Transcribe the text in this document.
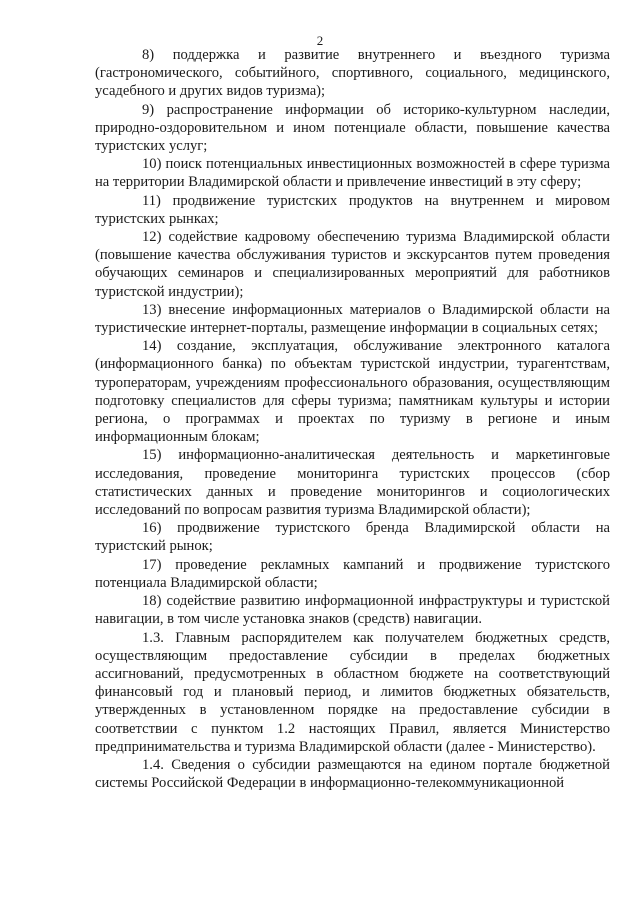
2

8) поддержка и развитие внутреннего и въездного туризма (гастрономического, событийного, спортивного, социального, медицинского, усадебного и других видов туризма);

9) распространение информации об историко-культурном наследии, природно-оздоровительном и ином потенциале области, повышение качества туристских услуг;

10) поиск потенциальных инвестиционных возможностей в сфере туризма на территории Владимирской области и привлечение инвестиций в эту сферу;

11) продвижение туристских продуктов на внутреннем и мировом туристских рынках;

12) содействие кадровому обеспечению туризма Владимирской области (повышение качества обслуживания туристов и экскурсантов путем проведения обучающих семинаров и специализированных мероприятий для работников туристской индустрии);

13) внесение информационных материалов о Владимирской области на туристические интернет-порталы, размещение информации в социальных сетях;

14) создание, эксплуатация, обслуживание электронного каталога (информационного банка) по объектам туристской индустрии, турагентствам, туроператорам, учреждениям профессионального образования, осуществляющим подготовку специалистов для сферы туризма; памятникам культуры и истории региона, о программах и проектах по туризму в регионе и иным информационным блокам;

15) информационно-аналитическая деятельность и маркетинговые исследования, проведение мониторинга туристских процессов (сбор статистических данных и проведение мониторингов и социологических исследований по вопросам развития туризма Владимирской области);

16) продвижение туристского бренда Владимирской области на туристский рынок;

17) проведение рекламных кампаний и продвижение туристского потенциала Владимирской области;

18) содействие развитию информационной инфраструктуры и туристской навигации, в том числе установка знаков (средств) навигации.

1.3. Главным распорядителем как получателем бюджетных средств, осуществляющим предоставление субсидии в пределах бюджетных ассигнований, предусмотренных в областном бюджете на соответствующий финансовый год и плановый период, и лимитов бюджетных обязательств, утвержденных в установленном порядке на предоставление субсидии в соответствии с пунктом 1.2 настоящих Правил, является Министерство предпринимательства и туризма Владимирской области (далее - Министерство).

1.4. Сведения о субсидии размещаются на едином портале бюджетной системы Российской Федерации в информационно-телекоммуникационной
